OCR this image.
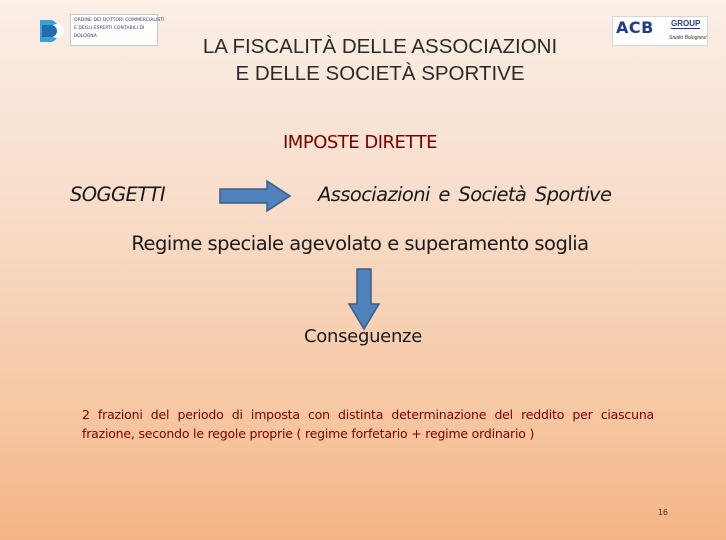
ORDINE DEI DOTTORI COMMERCIALISTI
E DEGLI ESPERTI CONTABILI DI
BOLOGNA	ACB GROUP
Studio Bolognesi
LA FISCALITÀ DELLE ASSOCIAZIONI
E DELLE SOCIETÀ SPORTIVE
IMPOSTE DIRETTE
SOGGETTI	Associazioni e Società Sportive
Regime speciale agevolato e superamento soglia
Conseguenze
2 frazioni del periodo di imposta con distinta determinazione del reddito per ciascuna frazione, secondo le regole proprie ( regime forfetario + regime ordinario )
16
